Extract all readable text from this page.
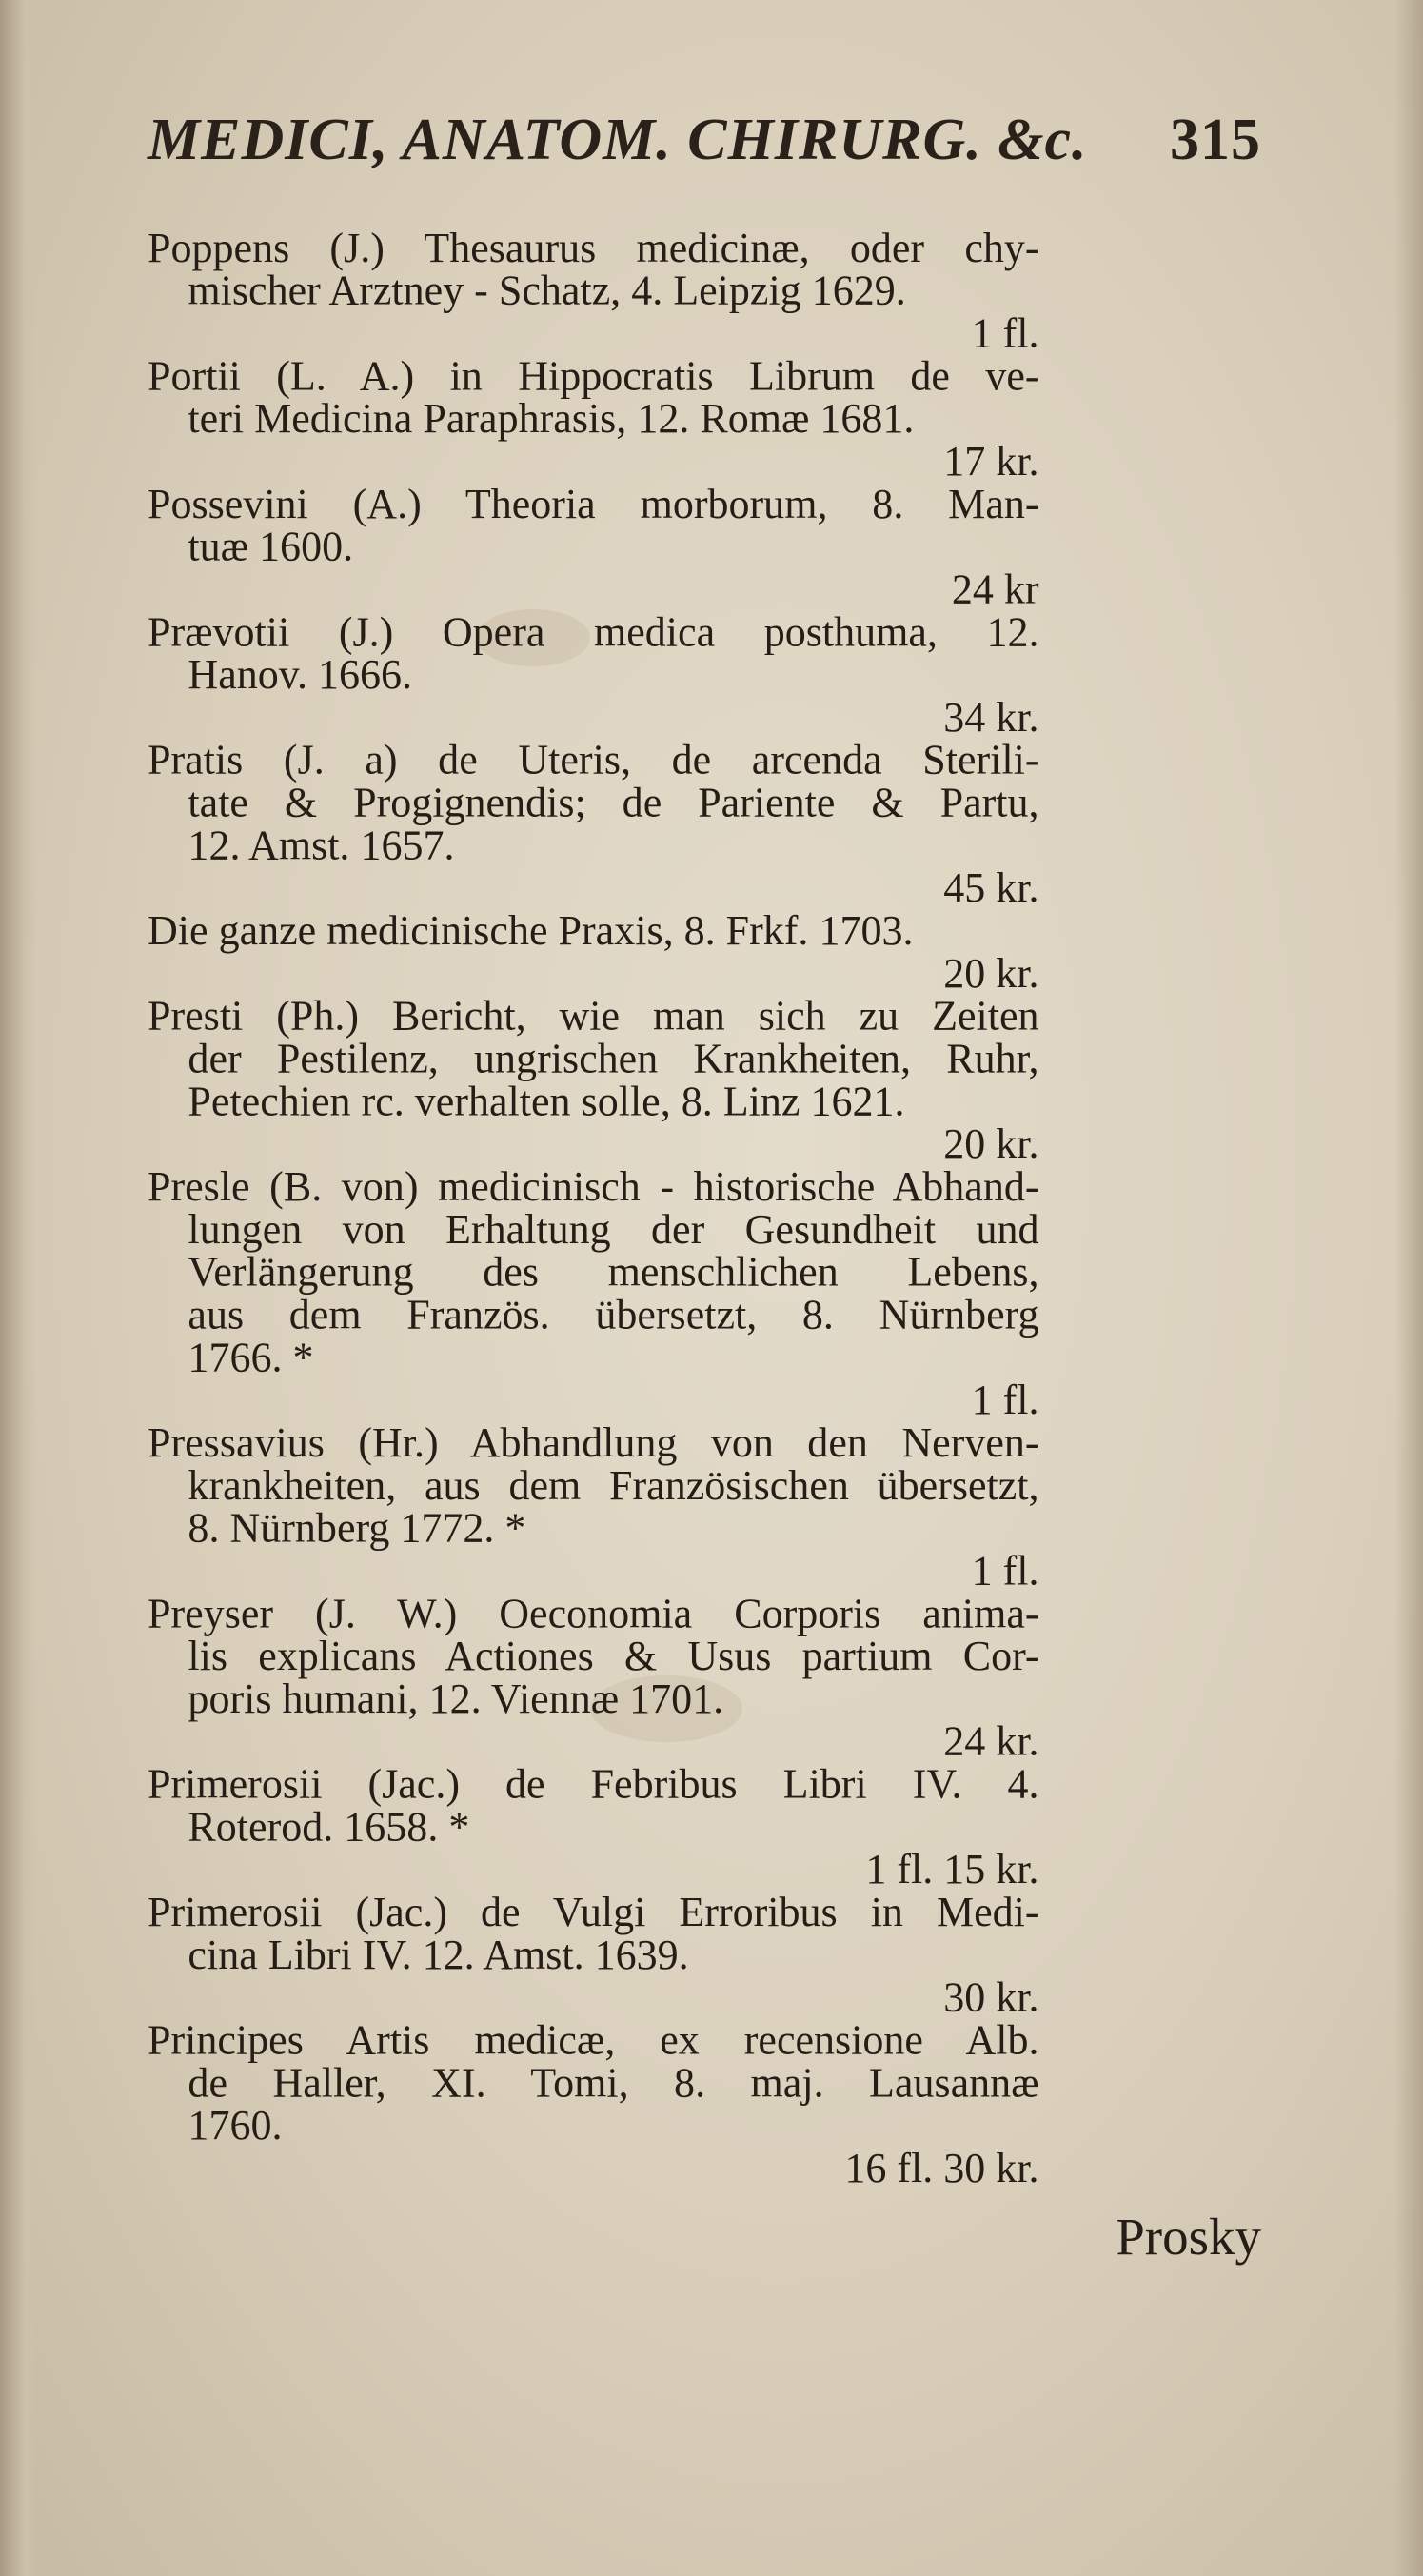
MEDICI, ANATOM. CHIRURG. &c. 315
Poppens (J.) Thesaurus medicinæ, oder chy-
mischer Arztney - Schatz, 4. Leipzig 1629.
1 fl.
Portii (L. A.) in Hippocratis Librum de ve-
teri Medicina Paraphrasis, 12. Romæ 1681.
17 kr.
Possevini (A.) Theoria morborum, 8. Man-
tuæ 1600.
24 kr
Prævotii (J.) Opera medica posthuma, 12.
Hanov. 1666.
34 kr.
Pratis (J. a) de Uteris, de arcenda Sterili-
tate & Progignendis; de Pariente & Partu,
12. Amst. 1657.
45 kr.
Die ganze medicinische Praxis, 8. Frkf. 1703.
20 kr.
Presti (Ph.) Bericht, wie man sich zu Zeiten
der Pestilenz, ungrischen Krankheiten, Ruhr,
Petechien rc. verhalten solle, 8. Linz 1621.
20 kr.
Presle (B. von) medicinisch - historische Abhand-
lungen von Erhaltung der Gesundheit und
Verlängerung des menschlichen Lebens,
aus dem Französ. übersetzt, 8. Nürnberg
1766. *
1 fl.
Pressavius (Hr.) Abhandlung von den Nerven-
krankheiten, aus dem Französischen übersetzt,
8. Nürnberg 1772. *
1 fl.
Preyser (J. W.) Oeconomia Corporis anima-
lis explicans Actiones & Usus partium Cor-
poris humani, 12. Viennæ 1701.
24 kr.
Primerosii (Jac.) de Febribus Libri IV. 4.
Roterod. 1658. *
1 fl. 15 kr.
Primerosii (Jac.) de Vulgi Erroribus in Medi-
cina Libri IV. 12. Amst. 1639.
30 kr.
Principes Artis medicæ, ex recensione Alb.
de Haller, XI. Tomi, 8. maj. Lausannæ
1760.
16 fl. 30 kr.
Prosky
